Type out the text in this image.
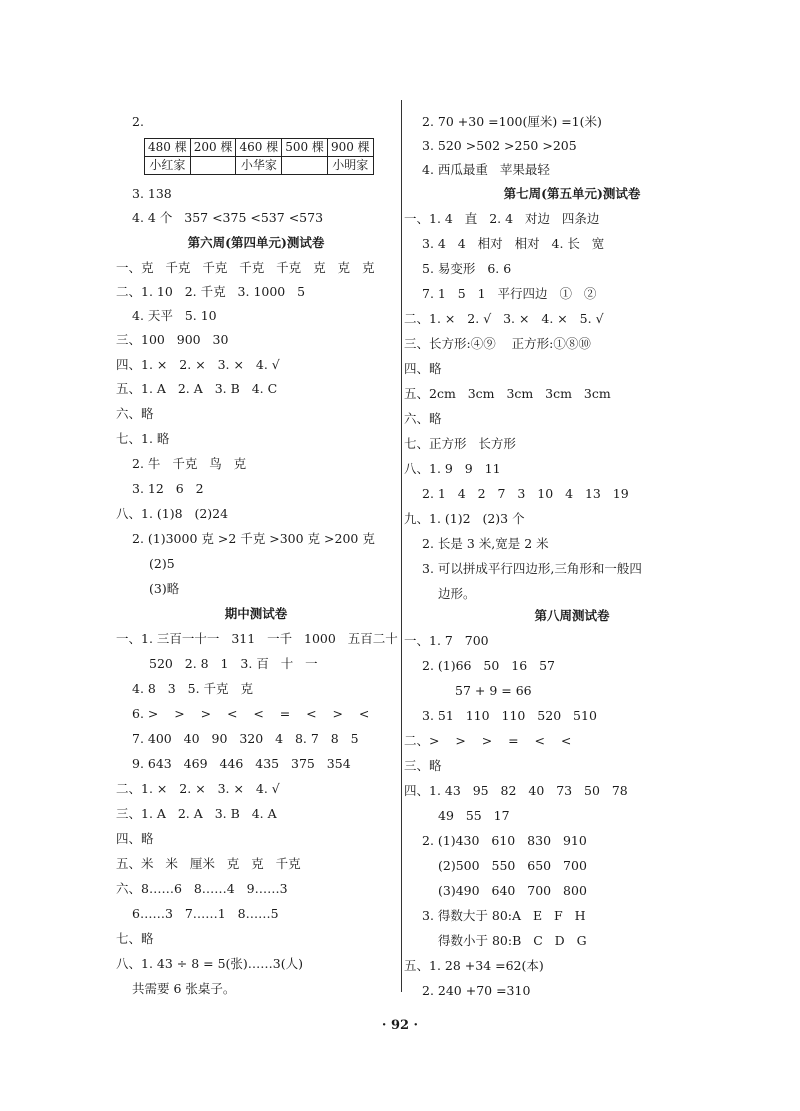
2.
480 棵	200 棵	460 棵	500 棵	900 棵
小红家		小华家		小明家
3. 138
4. 4 个   357 <375 <537 <573
第六周(第四单元)测试卷
一、克   千克   千克   千克   千克   克   克   克
二、1. 10   2. 千克   3. 1000   5
4. 天平   5. 10
三、100   900   30
四、1. ×   2. ×   3. ×   4. √
五、1. A   2. A   3. B   4. C
六、略
七、1. 略
2. 牛   千克   鸟   克
3. 12   6   2
八、1. (1)8   (2)24
2. (1)3000 克 >2 千克 >300 克 >200 克
(2)5
(3)略
期中测试卷
一、1. 三百一十一   311   一千   1000   五百二十
520   2. 8   1   3. 百   十   一
4. 8   3   5. 千克   克
6. >    >    >    <    <    =    <    >    <
7. 400   40   90   320   4   8. 7   8   5
9. 643   469   446   435   375   354
二、1. ×   2. ×   3. ×   4. √
三、1. A   2. A   3. B   4. A
四、略
五、米   米   厘米   克   克   千克
六、8……6   8……4   9……3
6……3   7……1   8……5
七、略
八、1. 43 ÷ 8 = 5(张)……3(人)
共需要 6 张桌子。
2. 70 +30 =100(厘米) =1(米)
3. 520 >502 >250 >205
4. 西瓜最重   苹果最轻
第七周(第五单元)测试卷
一、1. 4   直   2. 4   对边   四条边
3. 4   4   相对   相对   4. 长   宽
5. 易变形   6. 6
7. 1   5   1   平行四边   ①   ②
二、1. ×   2. √   3. ×   4. ×   5. √
三、长方形:④⑨    正方形:①⑧⑩
四、略
五、2cm   3cm   3cm   3cm   3cm
六、略
七、正方形   长方形
八、1. 9   9   11
2. 1   4   2   7   3   10   4   13   19
九、1. (1)2   (2)3 个
2. 长是 3 米,宽是 2 米
3. 可以拼成平行四边形,三角形和一般四
边形。
第八周测试卷
一、1. 7   700
2. (1)66   50   16   57
57 + 9 = 66
3. 51   110   110   520   510
二、>    >    >    =    <    <
三、略
四、1. 43   95   82   40   73   50   78
49   55   17
2. (1)430   610   830   910
(2)500   550   650   700
(3)490   640   700   800
3. 得数大于 80:A   E   F   H
得数小于 80:B   C   D   G
五、1. 28 +34 =62(本)
2. 240 +70 =310
· 92 ·
